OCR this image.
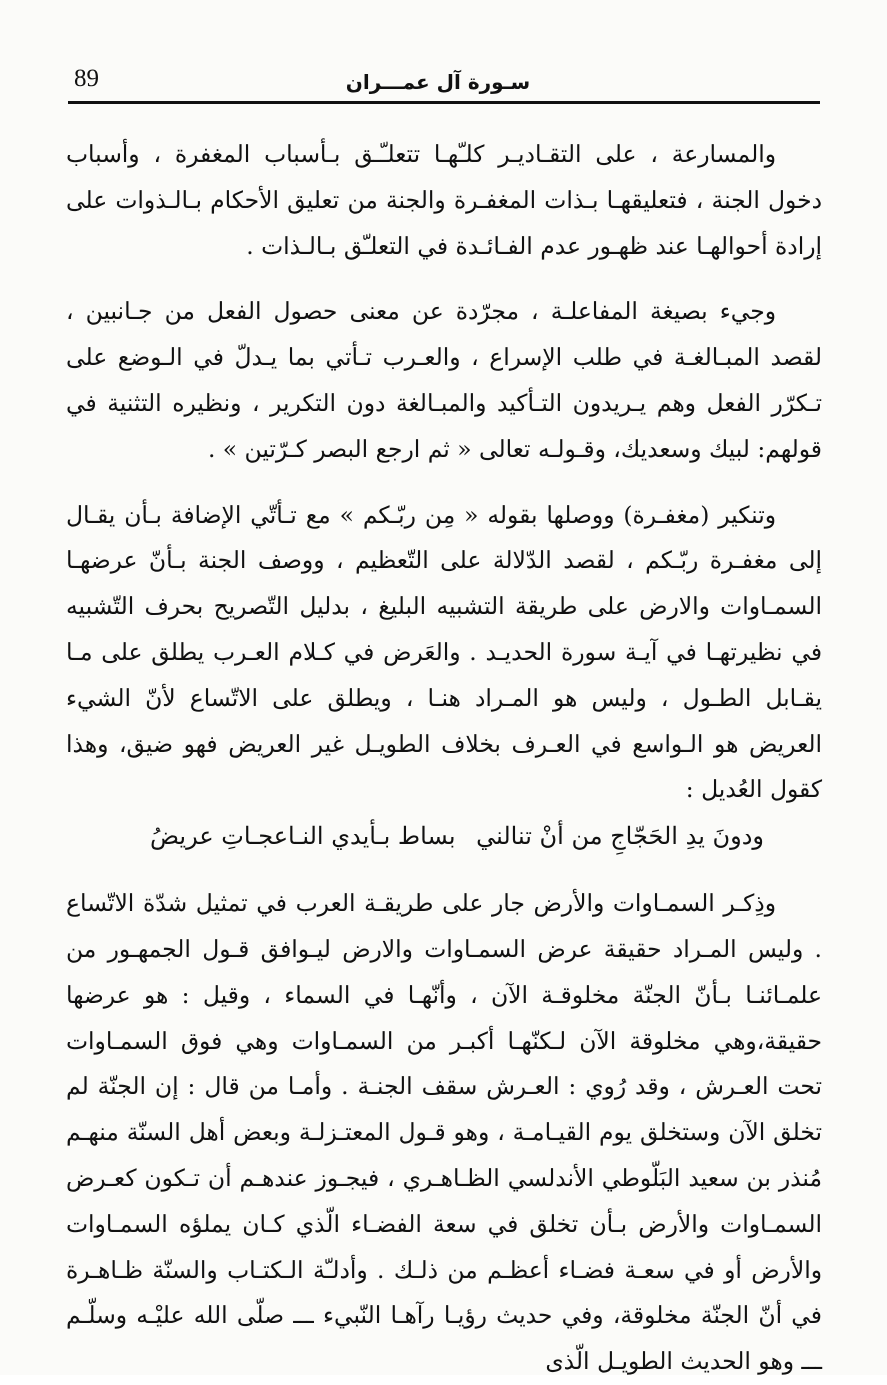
89	سـورة آل عمـــران

والمسارعة ، على التقـاديـر كلـّهـا تتعلـّـق بـأسباب المغفرة ، وأسباب دخول الجنة ، فتعليقهـا بـذات المغفـرة والجنة من تعليق الأحكام بـالـذوات على إرادة أحوالهـا عند ظهـور عدم الفـائـدة في التعلـّق بـالـذات .

وجيء بصيغة المفاعلـة ، مجرّدة عن معنى حصول الفعل من جـانبين ، لقصد المبـالغـة في طلب الإسراع ، والعـرب تـأتي بما يـدلّ في الـوضع على تـكرّر الفعل وهم يـريدون التـأكيد والمبـالغة دون التكرير ، ونظيره التثنية في قولهم: لبيك وسعديك، وقـولـه تعالى « ثم ارجع البصر كـرّتين » .

وتنكير (مغفـرة) ووصلها بقوله « مِن ربّـكم » مع تـأتّي الإضافة بـأن يقـال إلى مغفـرة ربّـكم ، لقصد الدّلالة على التّعظيم ، ووصف الجنة بـأنّ عرضهـا السمـاوات والارض على طريقة التشبيه البليغ ، بدليل التّصريح بحرف التّشبيه في نظيرتهـا في آيـة سورة الحديـد . والعَرض في كـلام العـرب يطلق على مـا يقـابل الطـول ، وليس هو المـراد هنـا ، ويطلق على الاتّساع لأنّ الشيء العريض هو الـواسع في العـرف بخلاف الطويـل غير العريض فهو ضيق، وهذا كقول العُديل :

ودونَ يدِ الحَجّاجِ من أنْ تنالني
بساط بـأيدي النـاعجـاتِ عريضُ

وذِكـر السمـاوات والأرض جار على طريقـة العرب في تمثيل شدّة الاتّساع . وليس المـراد حقيقة عرض السمـاوات والارض ليـوافق قـول الجمهـور من علمـائنـا بـأنّ الجنّة مخلوقـة الآن ، وأنّهـا في السماء ، وقيل : هو عرضها حقيقة،وهي مخلوقة الآن لـكنّهـا أكبـر من السمـاوات وهي فوق السمـاوات تحت العـرش ، وقد رُوي : العـرش سقف الجنـة . وأمـا من قال : إن الجنّة لم تخلق الآن وستخلق يوم القيـامـة ، وهو قـول المعتـزلـة وبعض أهل السنّة منهـم مُنذر بن سعيد البَلّوطي الأندلسي الظـاهـري ، فيجـوز عندهـم أن تـكون كعـرض السمـاوات والأرض بـأن تخلق في سعة الفضـاء الّذي كـان يملؤه السمـاوات والأرض أو في سعـة فضـاء أعظـم من ذلـك . وأدلـّة الـكتـاب والسنّة ظـاهـرة في أنّ الجنّة مخلوقة، وفي حديث رؤيـا رآهـا النّبيء ـــ صلّى الله عليْـه وسلّـم ـــ وهو الحديث الطويـل الّذى
